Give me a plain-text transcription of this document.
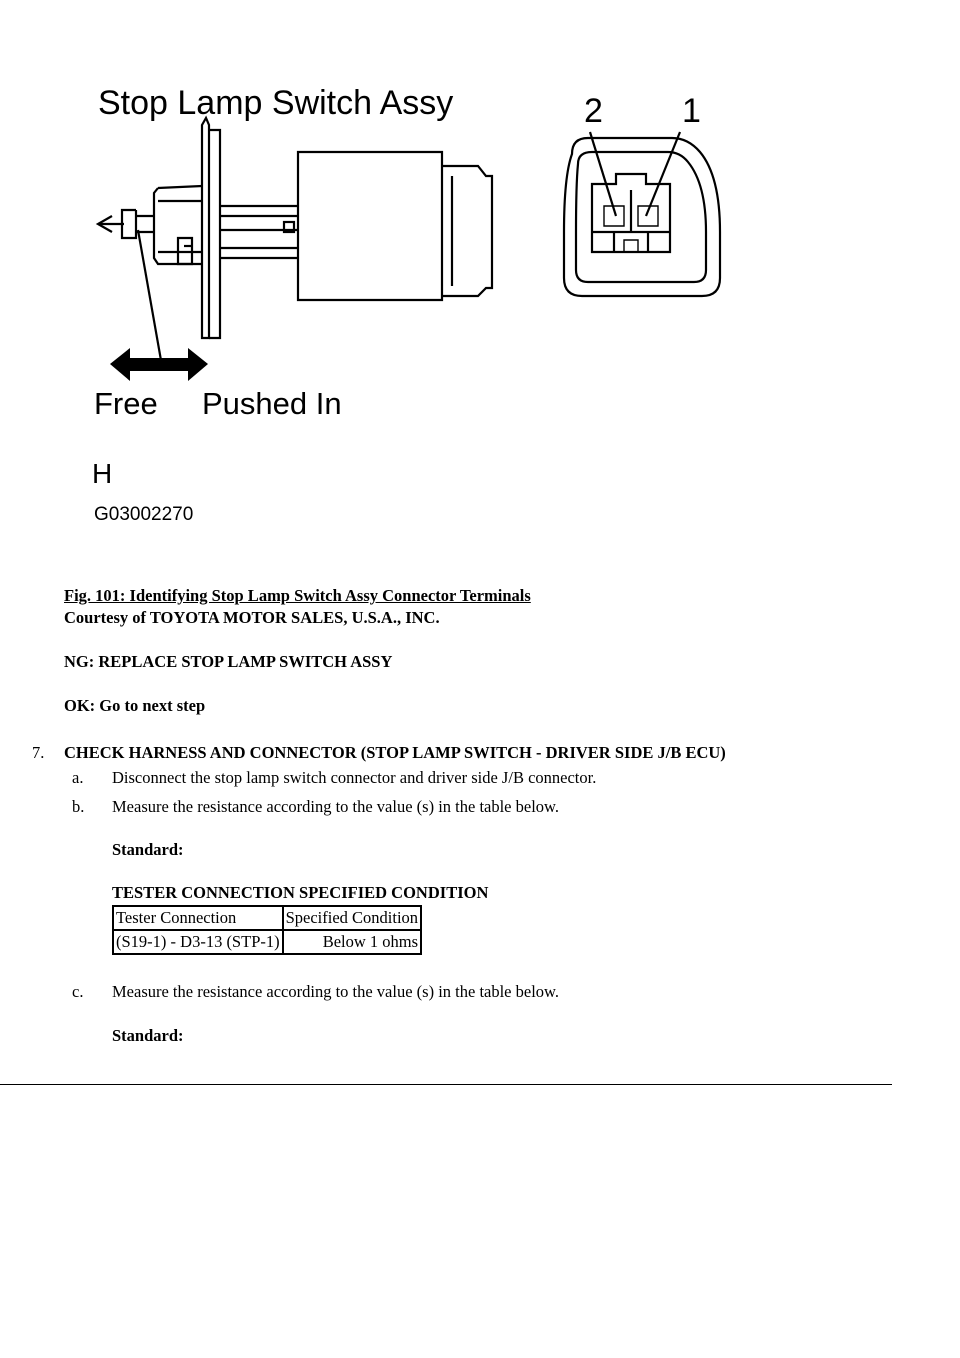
Stop Lamp Switch Assy	2 1
Free Pushed In
H
G03002270
Fig. 101: Identifying Stop Lamp Switch Assy Connector Terminals
Courtesy of TOYOTA MOTOR SALES, U.S.A., INC.
NG: REPLACE STOP LAMP SWITCH ASSY
OK: Go to next step
7. CHECK HARNESS AND CONNECTOR (STOP LAMP SWITCH - DRIVER SIDE J/B ECU)
a. Disconnect the stop lamp switch connector and driver side J/B connector.
b. Measure the resistance according to the value (s) in the table below.
Standard:
TESTER CONNECTION SPECIFIED CONDITION
Tester Connection	Specified Condition
(S19-1) - D3-13 (STP-1)	Below 1 ohms
c. Measure the resistance according to the value (s) in the table below.
Standard:
